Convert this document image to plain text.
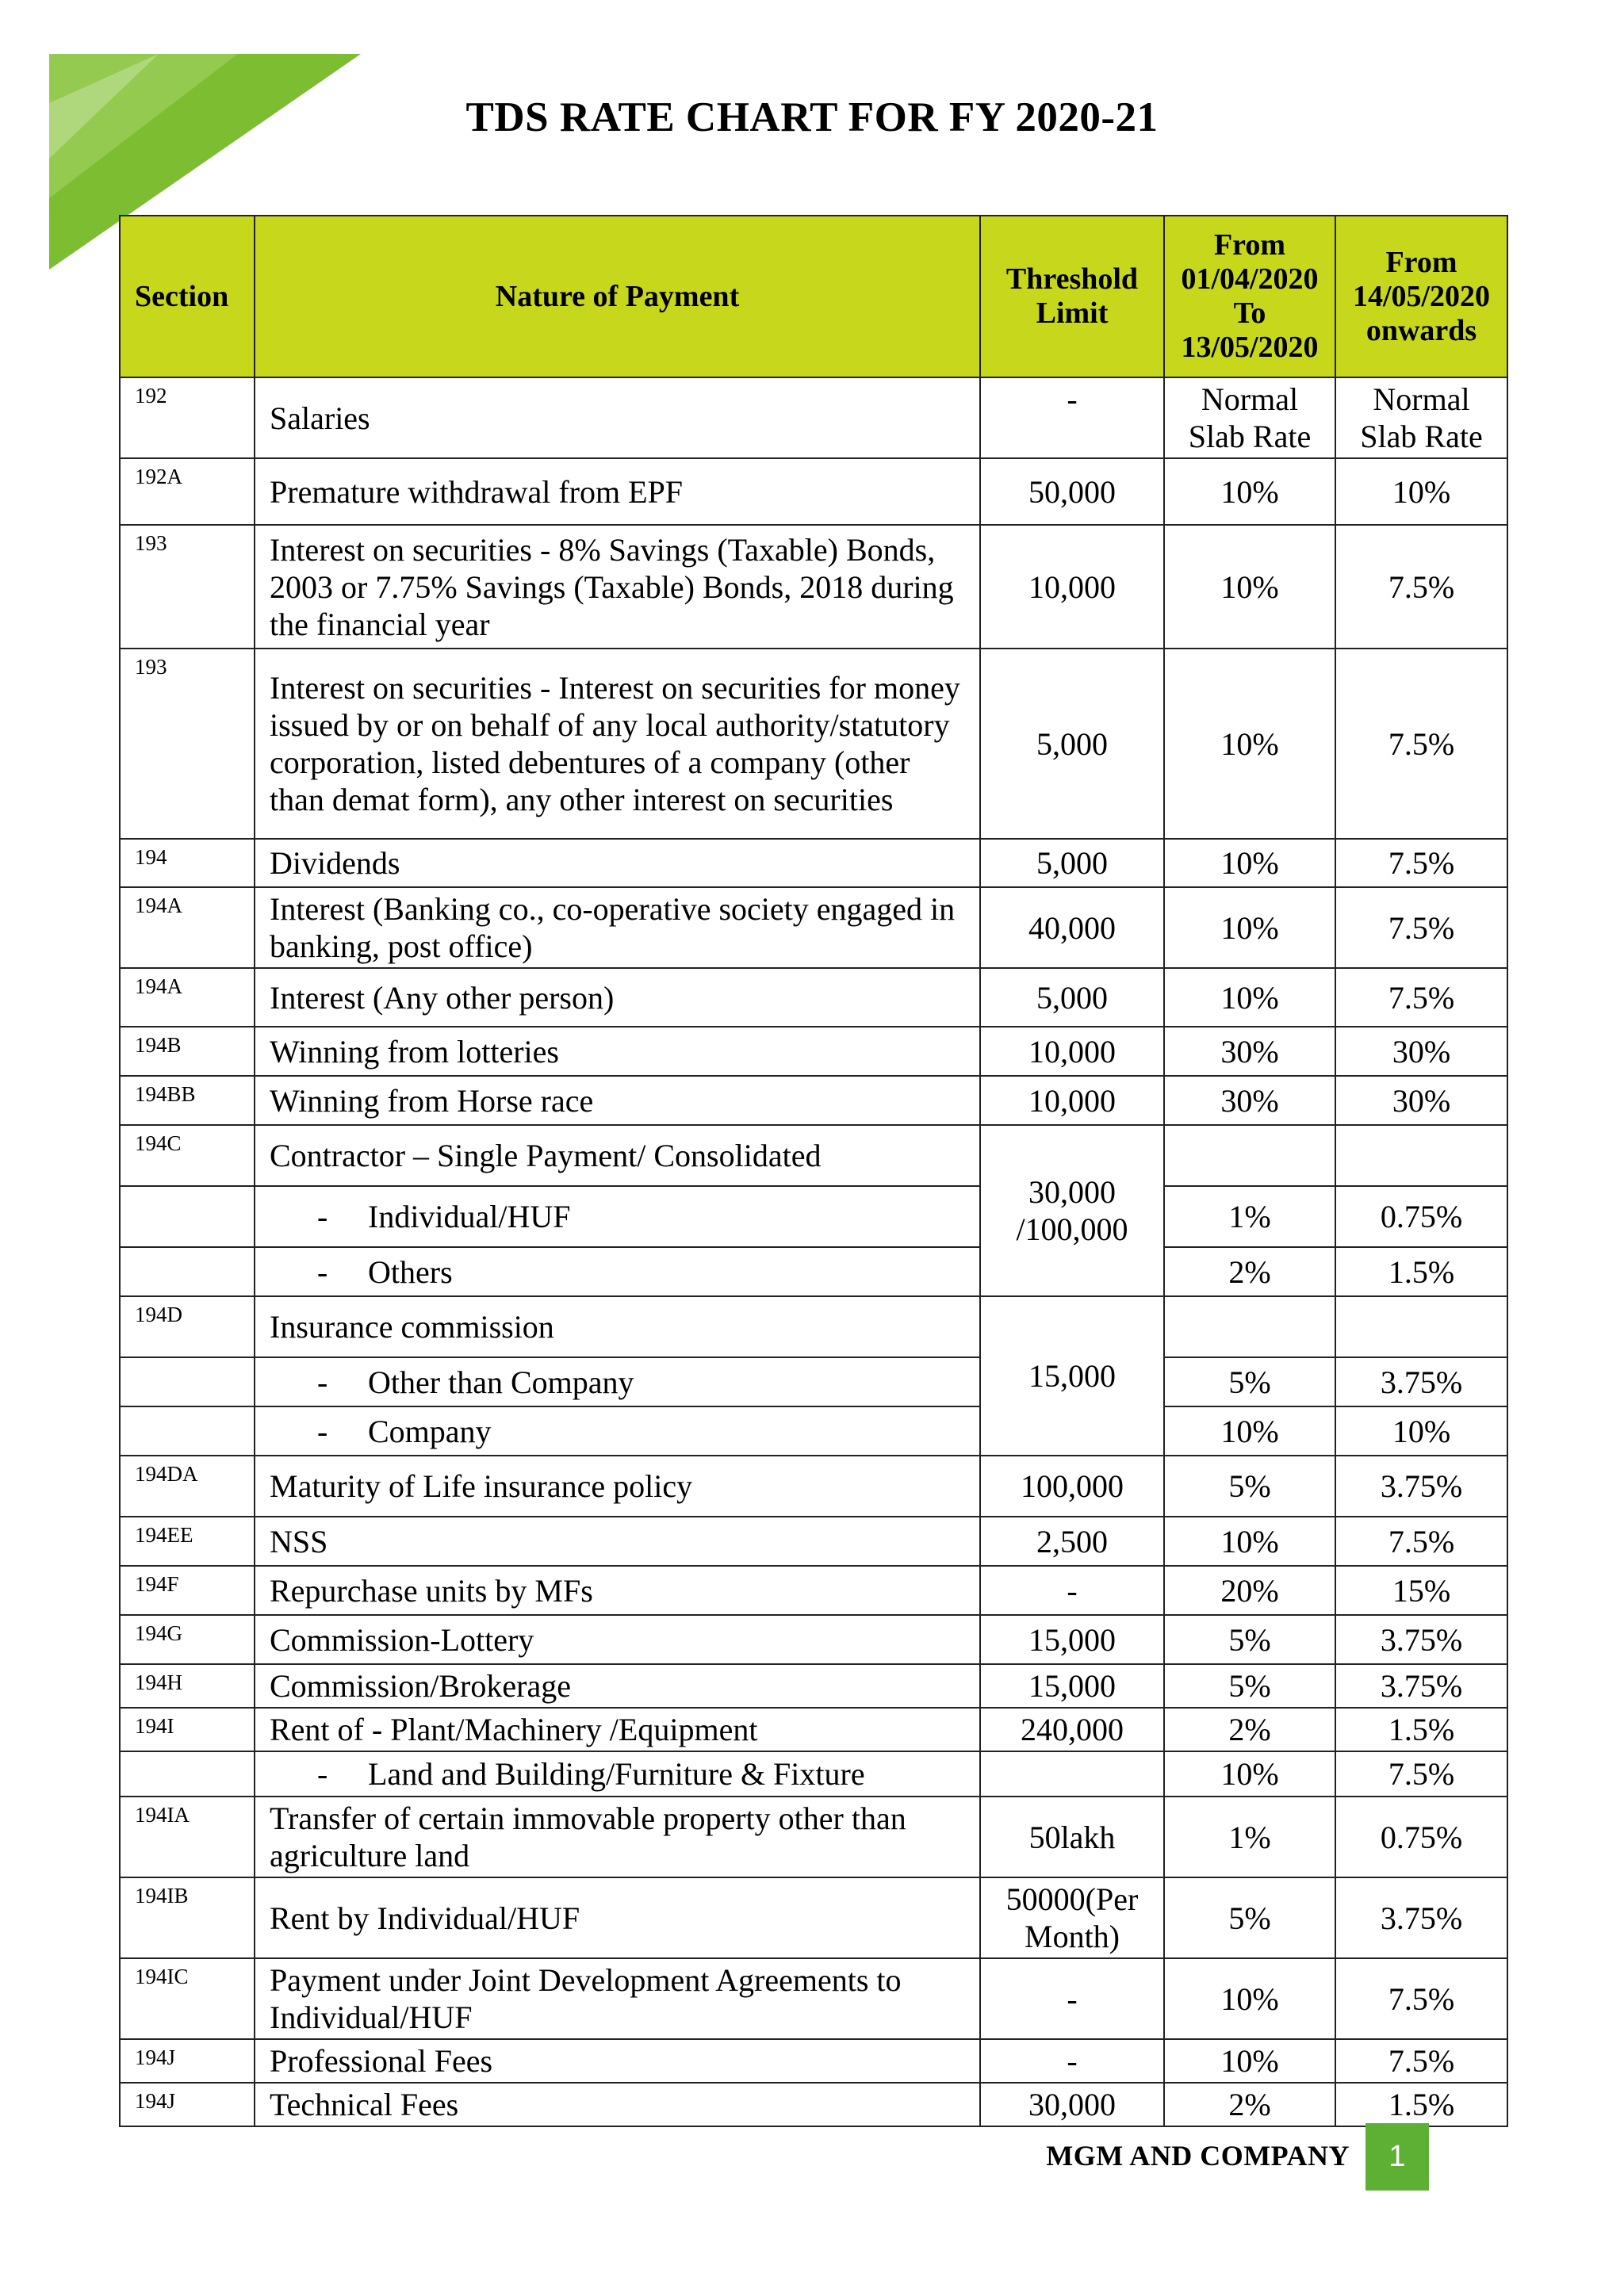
TDS RATE CHART FOR FY 2020-21
Section	Nature of Payment	Threshold Limit	From 01/04/2020 To 13/05/2020	From 14/05/2020 onwards
192	Salaries	-	Normal Slab Rate	Normal Slab Rate
192A	Premature withdrawal from EPF	50,000	10%	10%
193	Interest on securities - 8% Savings (Taxable) Bonds, 2003 or 7.75% Savings (Taxable) Bonds, 2018 during the financial year	10,000	10%	7.5%
193	Interest on securities - Interest on securities for money issued by or on behalf of any local authority/statutory corporation, listed debentures of a company (other than demat form), any other interest on securities	5,000	10%	7.5%
194	Dividends	5,000	10%	7.5%
194A	Interest (Banking co., co-operative society engaged in banking, post office)	40,000	10%	7.5%
194A	Interest (Any other person)	5,000	10%	7.5%
194B	Winning from lotteries	10,000	30%	30%
194BB	Winning from Horse race	10,000	30%	30%
194C	Contractor – Single Payment/ Consolidated	30,000 /100,000		
	- Individual/HUF		1%	0.75%
	- Others		2%	1.5%
194D	Insurance commission	15,000		
	- Other than Company		5%	3.75%
	- Company		10%	10%
194DA	Maturity of Life insurance policy	100,000	5%	3.75%
194EE	NSS	2,500	10%	7.5%
194F	Repurchase units by MFs	-	20%	15%
194G	Commission-Lottery	15,000	5%	3.75%
194H	Commission/Brokerage	15,000	5%	3.75%
194I	Rent of - Plant/Machinery /Equipment	240,000	2%	1.5%
	- Land and Building/Furniture & Fixture		10%	7.5%
194IA	Transfer of certain immovable property other than agriculture land	50lakh	1%	0.75%
194IB	Rent by Individual/HUF	50000(Per Month)	5%	3.75%
194IC	Payment under Joint Development Agreements to Individual/HUF	-	10%	7.5%
194J	Professional Fees	-	10%	7.5%
194J	Technical Fees	30,000	2%	1.5%
MGM AND COMPANY	1
